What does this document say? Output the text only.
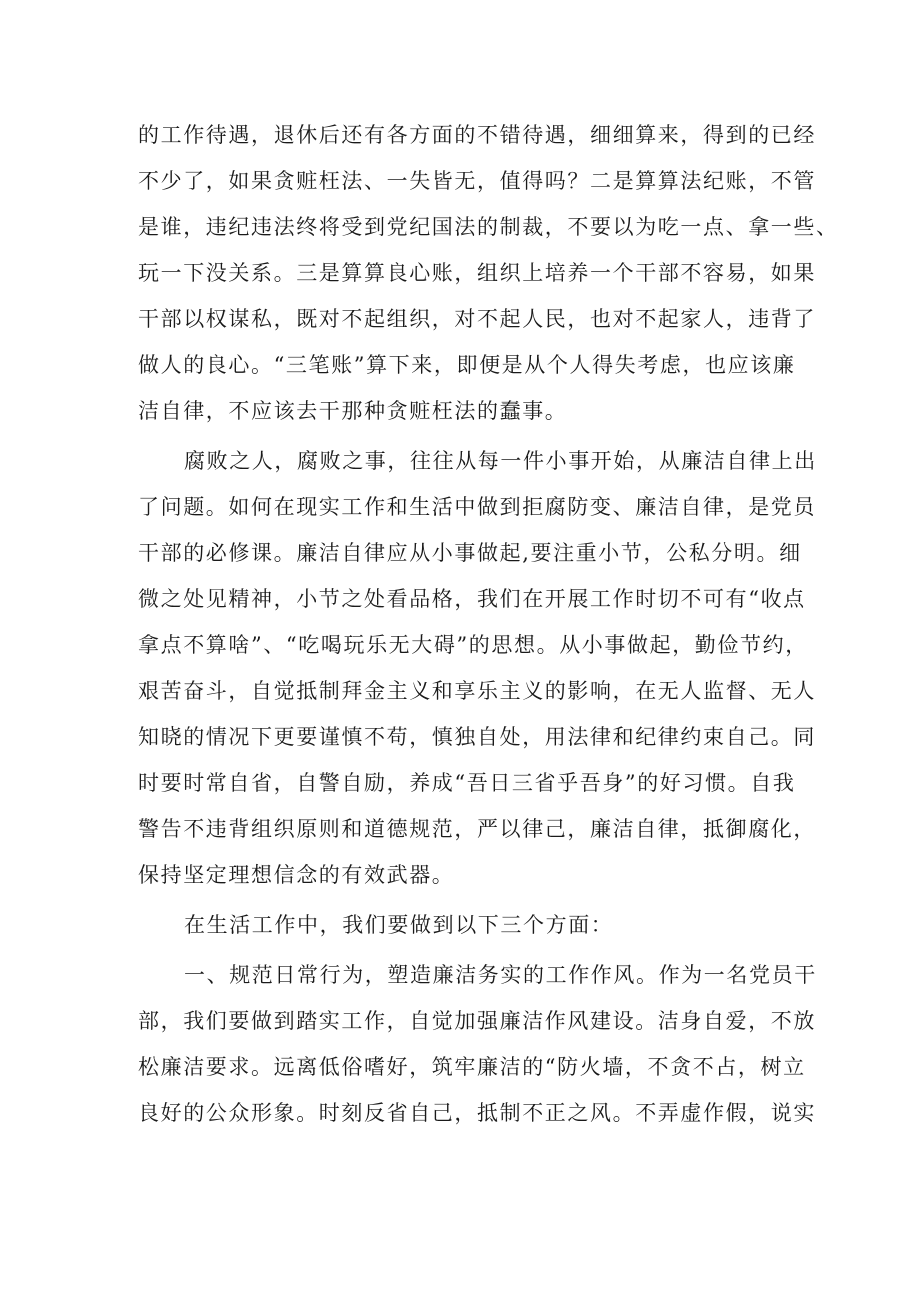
的工作待遇，退休后还有各方面的不错待遇，细细算来，得到的已经
不少了，如果贪赃枉法、一失皆无，值得吗？二是算算法纪账，不管
是谁，违纪违法终将受到党纪国法的制裁，不要以为吃一点、拿一些、
玩一下没关系。三是算算良心账，组织上培养一个干部不容易，如果
干部以权谋私，既对不起组织，对不起人民，也对不起家人，违背了
做人的良心。“三笔账”算下来，即便是从个人得失考虑，也应该廉
洁自律，不应该去干那种贪赃枉法的蠢事。
腐败之人，腐败之事，往往从每一件小事开始，从廉洁自律上出
了问题。如何在现实工作和生活中做到拒腐防变、廉洁自律，是党员
干部的必修课。廉洁自律应从小事做起,要注重小节，公私分明。细
微之处见精神，小节之处看品格，我们在开展工作时切不可有“收点
拿点不算啥”、“吃喝玩乐无大碍”的思想。从小事做起，勤俭节约，
艰苦奋斗，自觉抵制拜金主义和享乐主义的影响，在无人监督、无人
知晓的情况下更要谨慎不苟，慎独自处，用法律和纪律约束自己。同
时要时常自省，自警自励，养成“吾日三省乎吾身”的好习惯。自我
警告不违背组织原则和道德规范，严以律己，廉洁自律，抵御腐化，
保持坚定理想信念的有效武器。
在生活工作中，我们要做到以下三个方面：
一、规范日常行为，塑造廉洁务实的工作作风。作为一名党员干
部，我们要做到踏实工作，自觉加强廉洁作风建设。洁身自爱，不放
松廉洁要求。远离低俗嗜好，筑牢廉洁的“防火墙，不贪不占，树立
良好的公众形象。时刻反省自己，抵制不正之风。不弄虚作假，说实
